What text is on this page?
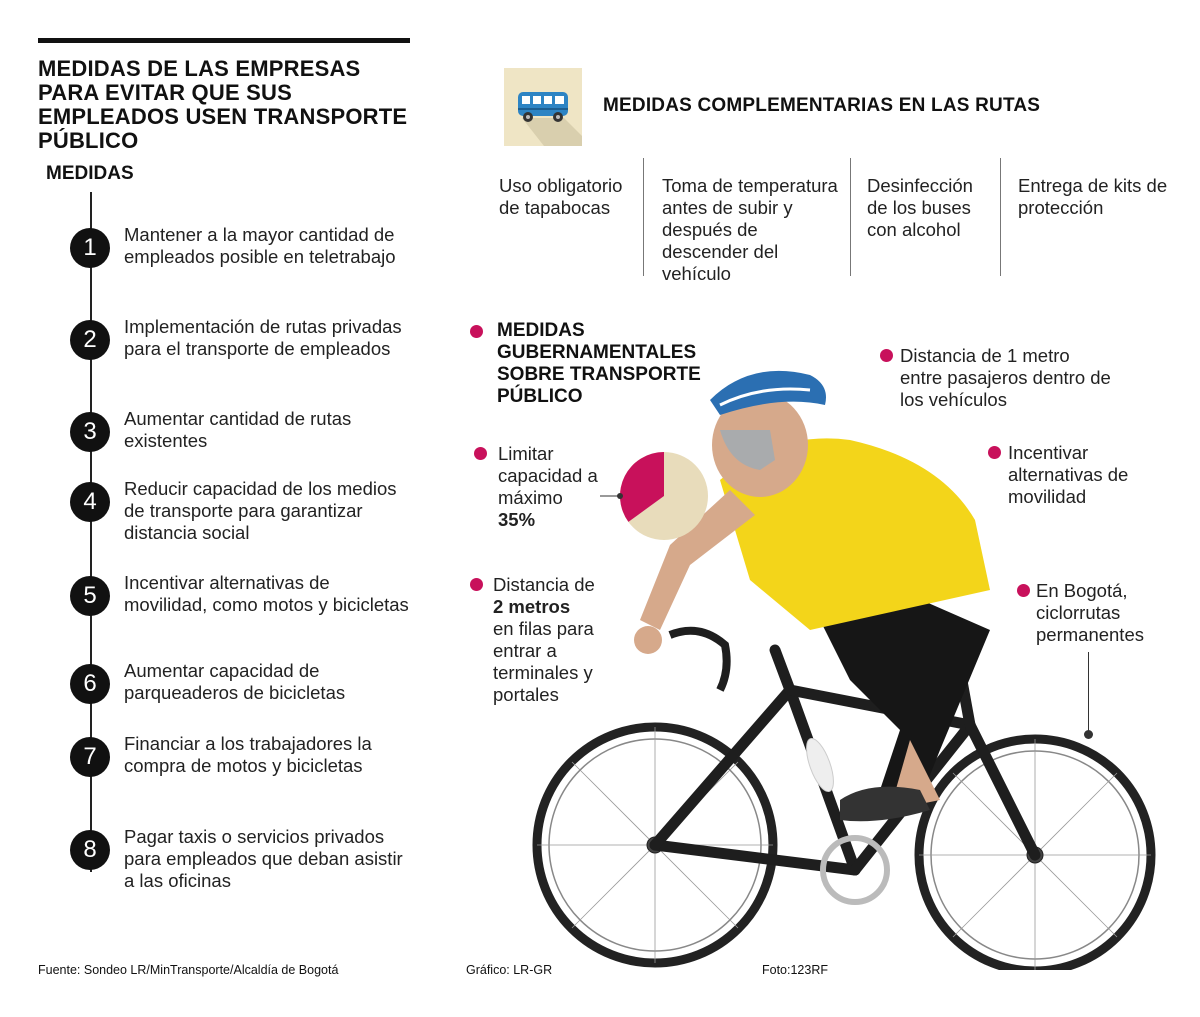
MEDIDAS DE LAS EMPRESAS PARA EVITAR QUE SUS EMPLEADOS USEN TRANSPORTE PÚBLICO
MEDIDAS
1	Mantener a la mayor cantidad de empleados posible en teletrabajo
2	Implementación de rutas privadas para el transporte de empleados
3	Aumentar cantidad de rutas existentes
4	Reducir capacidad de los medios de transporte para garantizar distancia social
5	Incentivar alternativas de movilidad, como motos y bicicletas
6	Aumentar capacidad de parqueaderos de bicicletas
7	Financiar a los trabajadores la compra de motos y bicicletas
8	Pagar taxis o servicios privados para empleados que deban asistir a las oficinas
Fuente: Sondeo LR/MinTransporte/Alcaldía de Bogotá	Gráfico: LR-GR	Foto:123RF
MEDIDAS COMPLEMENTARIAS EN LAS RUTAS
Uso obligatorio de tapabocas
Toma de temperatura antes de subir y después de descender del vehículo
Desinfección de los buses con alcohol
Entrega de kits de protección
MEDIDAS GUBERNAMENTALES SOBRE TRANSPORTE PÚBLICO
Limitar capacidad a máximo
35%
Distancia de
2 metros
en filas para entrar a terminales y portales
Distancia de 1 metro entre pasajeros dentro de los vehículos
Incentivar alternativas de movilidad
En Bogotá, ciclorrutas permanentes
